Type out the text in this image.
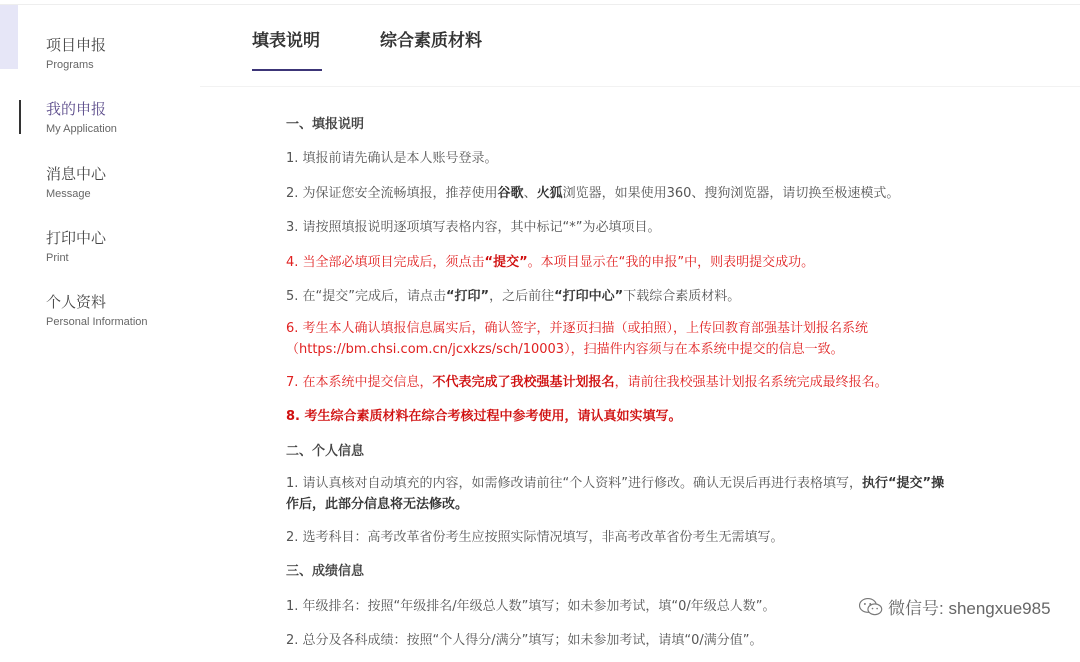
项目申报
Programs
我的申报
My Application
消息中心
Message
打印中心
Print
个人资料
Personal Information
填表说明	综合素质材料
一、填报说明
1. 填报前请先确认是本人账号登录。
2. 为保证您安全流畅填报，推荐使用谷歌、火狐浏览器，如果使用360、搜狗浏览器，请切换至极速模式。
3. 请按照填报说明逐项填写表格内容，其中标记“*”为必填项目。
4. 当全部必填项目完成后，须点击“提交”。本项目显示在“我的申报”中，则表明提交成功。
5. 在“提交”完成后，请点击“打印”，之后前往“打印中心”下载综合素质材料。
6. 考生本人确认填报信息属实后，确认签字，并逐页扫描（或拍照），上传回教育部强基计划报名系统
（https://bm.chsi.com.cn/jcxkzs/sch/10003），扫描件内容须与在本系统中提交的信息一致。
7. 在本系统中提交信息，不代表完成了我校强基计划报名，请前往我校强基计划报名系统完成最终报名。
8. 考生综合素质材料在综合考核过程中参考使用，请认真如实填写。
二、个人信息
1. 请认真核对自动填充的内容，如需修改请前往“个人资料”进行修改。确认无误后再进行表格填写，执行“提交”操
作后，此部分信息将无法修改。
2. 选考科目：高考改革省份考生应按照实际情况填写，非高考改革省份考生无需填写。
三、成绩信息
1. 年级排名：按照“年级排名/年级总人数”填写；如未参加考试，填“0/年级总人数”。
2. 总分及各科成绩：按照“个人得分/满分”填写；如未参加考试，请填“0/满分值”。
微信号: shengxue985
